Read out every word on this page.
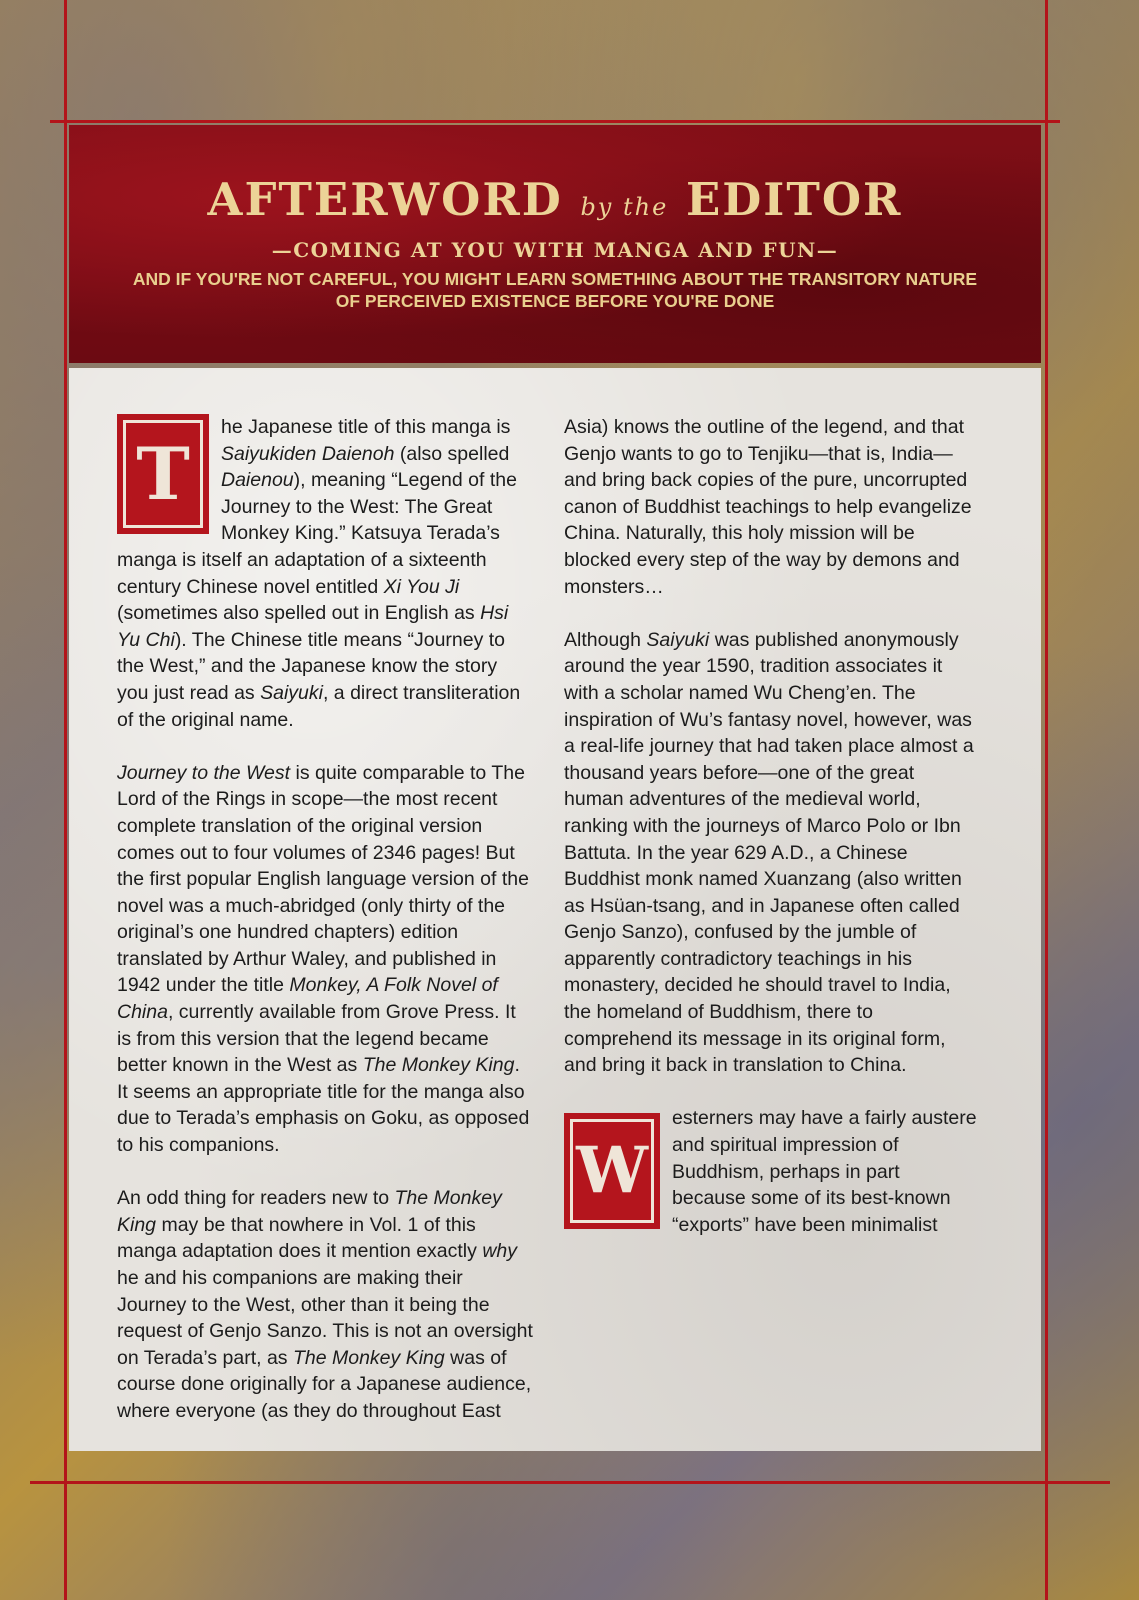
AFTERWORD by the EDITOR
—COMING AT YOU WITH MANGA AND FUN—
AND IF YOU'RE NOT CAREFUL, YOU MIGHT LEARN SOMETHING ABOUT THE TRANSITORY NATURE OF PERCEIVED EXISTENCE BEFORE YOU'RE DONE

T
he Japanese title of this manga is Saiyukiden Daienoh (also spelled Daienou), meaning “Legend of the Journey to the West: The Great Monkey King.” Katsuya Terada’s manga is itself an adaptation of a sixteenth century Chinese novel entitled Xi You Ji (sometimes also spelled out in English as Hsi Yu Chi). The Chinese title means “Journey to the West,” and the Japanese know the story you just read as Saiyuki, a direct transliteration of the original name.

Journey to the West is quite comparable to The Lord of the Rings in scope—the most recent complete translation of the original version comes out to four volumes of 2346 pages! But the first popular English language version of the novel was a much-abridged (only thirty of the original’s one hundred chapters) edition translated by Arthur Waley, and published in 1942 under the title Monkey, A Folk Novel of China, currently available from Grove Press. It is from this version that the legend became better known in the West as The Monkey King. It seems an appropriate title for the manga also due to Terada’s emphasis on Goku, as opposed to his companions.

An odd thing for readers new to The Monkey King may be that nowhere in Vol. 1 of this manga adaptation does it mention exactly why he and his companions are making their Journey to the West, other than it being the request of Genjo Sanzo. This is not an oversight on Terada’s part, as The Monkey King was of course done originally for a Japanese audience, where everyone (as they do throughout East

Asia) knows the outline of the legend, and that Genjo wants to go to Tenjiku—that is, India—and bring back copies of the pure, uncorrupted canon of Buddhist teachings to help evangelize China. Naturally, this holy mission will be blocked every step of the way by demons and monsters…

Although Saiyuki was published anonymously around the year 1590, tradition associates it with a scholar named Wu Cheng’en. The inspiration of Wu’s fantasy novel, however, was a real-life journey that had taken place almost a thousand years before—one of the great human adventures of the medieval world, ranking with the journeys of Marco Polo or Ibn Battuta. In the year 629 A.D., a Chinese Buddhist monk named Xuanzang (also written as Hsüan-tsang, and in Japanese often called Genjo Sanzo), confused by the jumble of apparently contradictory teachings in his monastery, decided he should travel to India, the homeland of Buddhism, there to comprehend its message in its original form, and bring it back in translation to China.

W
esterners may have a fairly austere and spiritual impression of Buddhism, perhaps in part because some of its best-known “exports” have been minimalist
